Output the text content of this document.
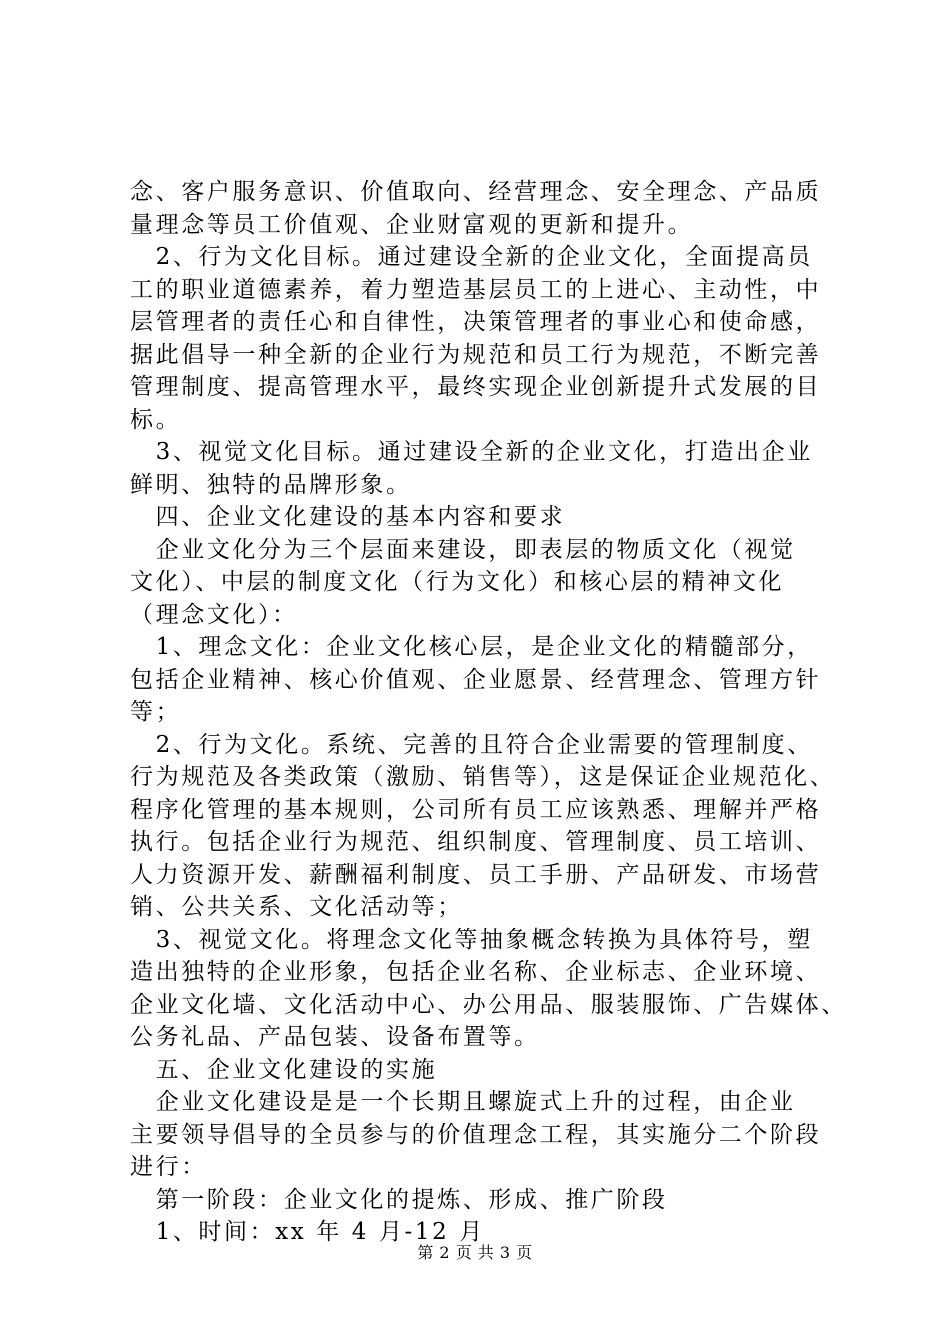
念、客户服务意识、价值取向、经营理念、安全理念、产品质
量理念等员工价值观、企业财富观的更新和提升。
　2、行为文化目标。通过建设全新的企业文化，全面提高员
工的职业道德素养，着力塑造基层员工的上进心、主动性，中
层管理者的责任心和自律性，决策管理者的事业心和使命感，
据此倡导一种全新的企业行为规范和员工行为规范，不断完善
管理制度、提高管理水平，最终实现企业创新提升式发展的目
标。
　3、视觉文化目标。通过建设全新的企业文化，打造出企业
鲜明、独特的品牌形象。
　四、企业文化建设的基本内容和要求
　企业文化分为三个层面来建设，即表层的物质文化（视觉
文化）、中层的制度文化（行为文化）和核心层的精神文化
（理念文化）：
　1、理念文化：企业文化核心层，是企业文化的精髓部分，
包括企业精神、核心价值观、企业愿景、经营理念、管理方针
等；
　2、行为文化。系统、完善的且符合企业需要的管理制度、
行为规范及各类政策（激励、销售等），这是保证企业规范化、
程序化管理的基本规则，公司所有员工应该熟悉、理解并严格
执行。包括企业行为规范、组织制度、管理制度、员工培训、
人力资源开发、薪酬福利制度、员工手册、产品研发、市场营
销、公共关系、文化活动等；
　3、视觉文化。将理念文化等抽象概念转换为具体符号，塑
造出独特的企业形象，包括企业名称、企业标志、企业环境、
企业文化墙、文化活动中心、办公用品、服装服饰、广告媒体、
公务礼品、产品包装、设备布置等。
　五、企业文化建设的实施
　企业文化建设是是一个长期且螺旋式上升的过程，由企业
主要领导倡导的全员参与的价值理念工程，其实施分二个阶段
进行：
　第一阶段：企业文化的提炼、形成、推广阶段
　1、时间：xx 年 4 月-12 月
第 2 页 共 3 页
